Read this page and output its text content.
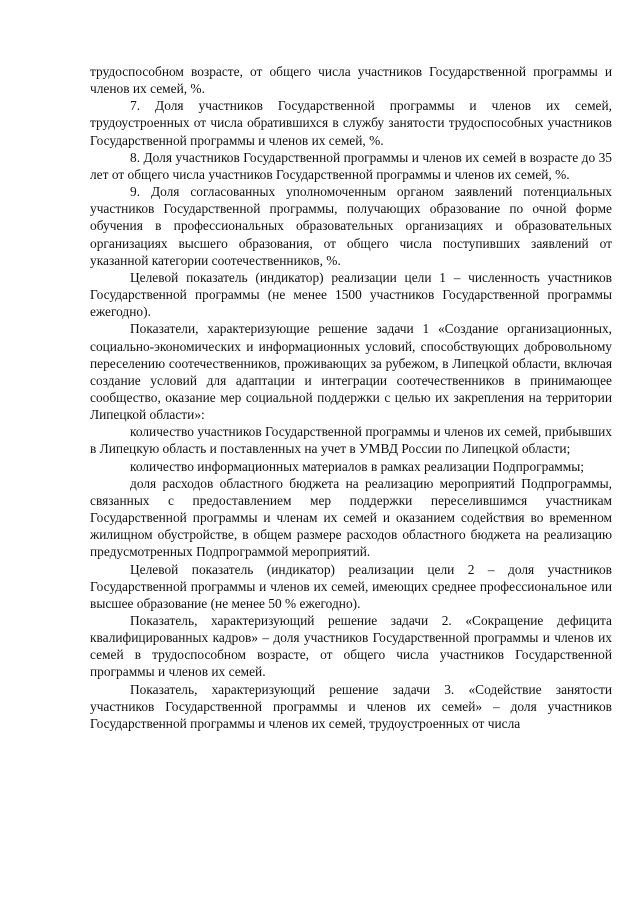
трудоспособном возрасте, от общего числа участников Государственной программы и членов их семей, %.

7. Доля участников Государственной программы и членов их семей, трудоустроенных от числа обратившихся в службу занятости трудоспособных участников Государственной программы и членов их семей, %.

8. Доля участников Государственной программы и членов их семей в возрасте до 35 лет от общего числа участников Государственной программы и членов их семей, %.

9. Доля согласованных уполномоченным органом заявлений потенциальных участников Государственной программы, получающих образование по очной форме обучения в профессиональных образовательных организациях и образовательных организациях высшего образования, от общего числа поступивших заявлений от указанной категории соотечественников, %.

Целевой показатель (индикатор) реализации цели 1 – численность участников Государственной программы (не менее 1500 участников Государственной программы ежегодно).

Показатели, характеризующие решение задачи 1 «Создание организационных, социально-экономических и информационных условий, способствующих добровольному переселению соотечественников, проживающих за рубежом, в Липецкой области, включая создание условий для адаптации и интеграции соотечественников в принимающее сообщество, оказание мер социальной поддержки с целью их закрепления на территории Липецкой области»:

количество участников Государственной программы и членов их семей, прибывших в Липецкую область и поставленных на учет в УМВД России по Липецкой области;

количество информационных материалов в рамках реализации Подпрограммы;

доля расходов областного бюджета на реализацию мероприятий Подпрограммы, связанных с предоставлением мер поддержки переселившимся участникам Государственной программы и членам их семей и оказанием содействия во временном жилищном обустройстве, в общем размере расходов областного бюджета на реализацию предусмотренных Подпрограммой мероприятий.

Целевой показатель (индикатор) реализации цели 2 – доля участников Государственной программы и членов их семей, имеющих среднее профессиональное или высшее образование (не менее 50 % ежегодно).

Показатель, характеризующий решение задачи 2. «Сокращение дефицита квалифицированных кадров» – доля участников Государственной программы и членов их семей в трудоспособном возрасте, от общего числа участников Государственной программы и членов их семей.

Показатель, характеризующий решение задачи 3. «Содействие занятости участников Государственной программы и членов их семей» – доля участников Государственной программы и членов их семей, трудоустроенных от числа
